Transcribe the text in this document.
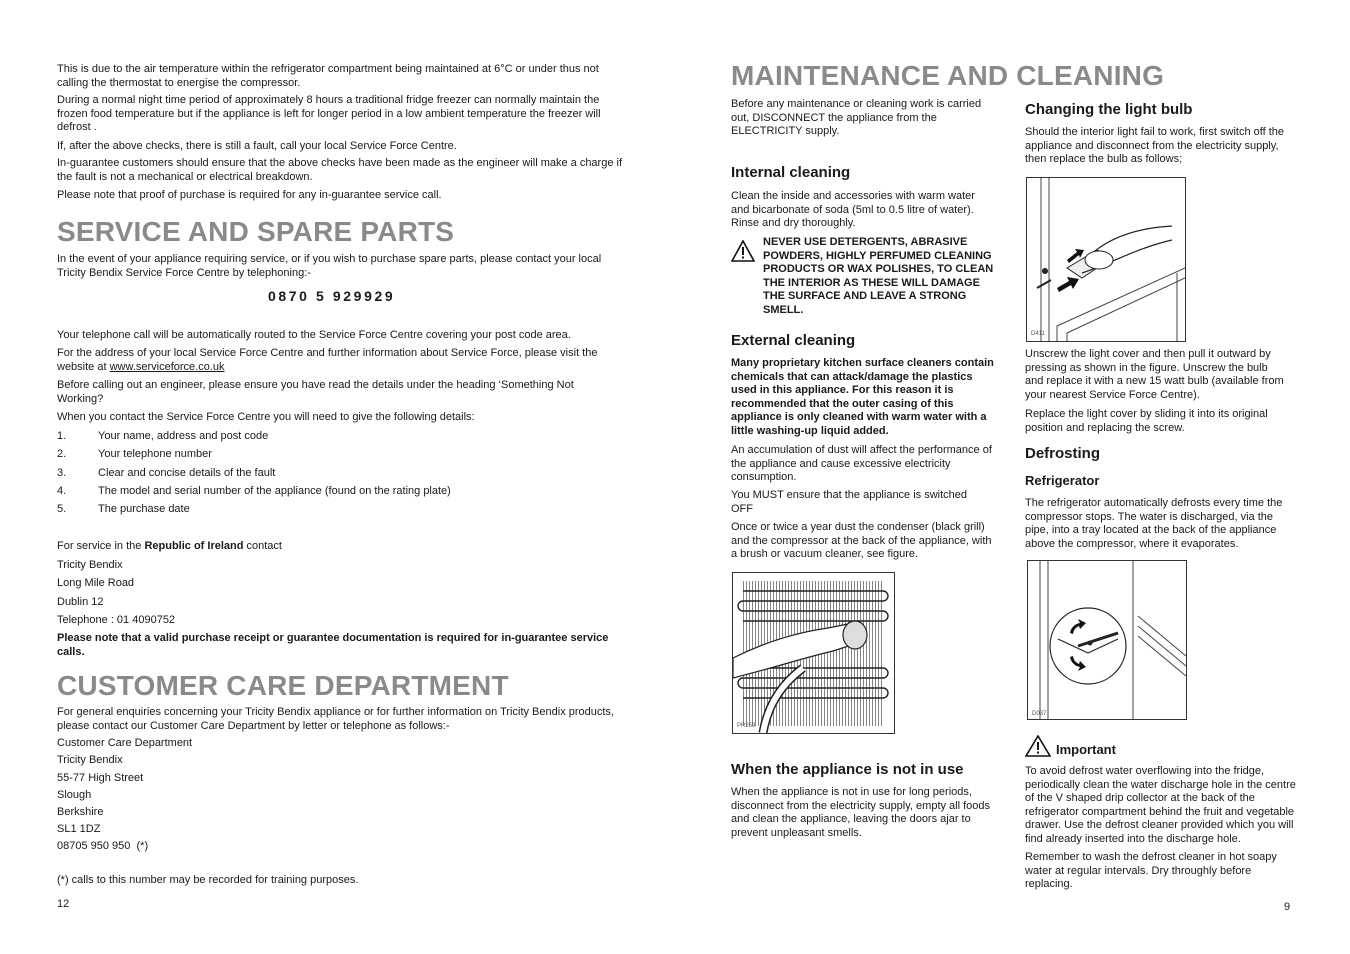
This is due to the air temperature within the refrigerator compartment being maintained at 6°C or under thus not calling the thermostat to energise the compressor.

During a normal night time period of approximately 8 hours a traditional fridge freezer can normally maintain the frozen food temperature but if the appliance is left for longer period in a low ambient temperature the freezer will defrost .

If, after the above checks, there is still a fault, call your local Service Force Centre.

In-guarantee customers should ensure that the above checks have been made as the engineer will make a charge if the fault is not a mechanical or electrical breakdown.

Please note that proof of purchase is required for any in-guarantee service call.

SERVICE AND SPARE PARTS

In the event of your appliance requiring service, or if you wish to purchase spare parts, please contact your local Tricity Bendix Service Force Centre by telephoning:-

0870 5 929929

Your telephone call will be automatically routed to the Service Force Centre covering your post code area.

For the address of your local Service Force Centre and further information about Service Force, please visit the website at www.serviceforce.co.uk

Before calling out an engineer, please ensure you have read the details under the heading ‘Something Not Working?

When you contact the Service Force Centre you will need to give the following details:

1.	Your name, address and post code
2.	Your telephone number
3.	Clear and concise details of the fault
4.	The model and serial number of the appliance (found on the rating plate)
5.	The purchase date

For service in the Republic of Ireland contact

Tricity Bendix

Long Mile Road

Dublin 12

Telephone : 01 4090752

Please note that a valid purchase receipt or guarantee documentation is required for in-guarantee service calls.

CUSTOMER CARE DEPARTMENT

For general enquiries concerning your Tricity Bendix appliance or for further information on Tricity Bendix products, please contact our Customer Care Department by letter or telephone as follows:-

Customer Care Department

Tricity Bendix

55-77 High Street

Slough

Berkshire

SL1 1DZ

08705 950 950  (*)

(*) calls to this number may be recorded for training purposes.

12

MAINTENANCE AND CLEANING

Before any maintenance or cleaning work is carried out, DISCONNECT the appliance from the ELECTRICITY supply.

Internal cleaning

Clean the inside and accessories with warm water and bicarbonate of soda (5ml to 0.5 litre of water). Rinse and dry thoroughly.

NEVER USE DETERGENTS, ABRASIVE POWDERS, HIGHLY PERFUMED CLEANING PRODUCTS OR WAX POLISHES, TO CLEAN THE INTERIOR AS THESE WILL DAMAGE THE SURFACE AND LEAVE A STRONG SMELL.

External cleaning

Many proprietary kitchen surface cleaners contain chemicals that can attack/damage the plastics used in this appliance. For this reason it is recommended that the outer casing of this appliance is only cleaned with warm water with a little washing-up liquid added.

An accumulation of dust will affect the performance of the appliance and cause excessive electricity consumption.

You MUST ensure that the appliance is switched OFF

Once or twice a year dust the condenser (black grill) and the compressor at the back of the appliance, with a brush or vacuum cleaner, see figure.

PR259
When the appliance is not in use

When the appliance is not in use for long periods, disconnect from the electricity supply, empty all foods and clean the appliance, leaving the doors ajar to prevent unpleasant smells.

Changing the light bulb

Should the interior light fail to work, first switch off the appliance and disconnect from the electricity supply, then replace the bulb as follows;

D411

Unscrew the light cover and then pull it outward by pressing as shown in the figure. Unscrew the bulb and replace it with a new 15 watt bulb (available from your nearest Service Force Centre).

Replace the light cover by sliding it into its original position and replacing the screw.

Defrosting
Refrigerator

The refrigerator automatically defrosts every time the compressor stops. The water is discharged, via the pipe, into a tray located at the back of the appliance above the compressor, where it evaporates.

D037
Important

To avoid defrost water overflowing into the fridge, periodically clean the water discharge hole in the centre of the V shaped drip collector at the back of the refrigerator compartment behind the fruit and vegetable drawer. Use the defrost cleaner provided which you will find already inserted into the discharge hole.

Remember to wash the defrost cleaner in hot soapy water at regular intervals. Dry throughly before replacing.

9
